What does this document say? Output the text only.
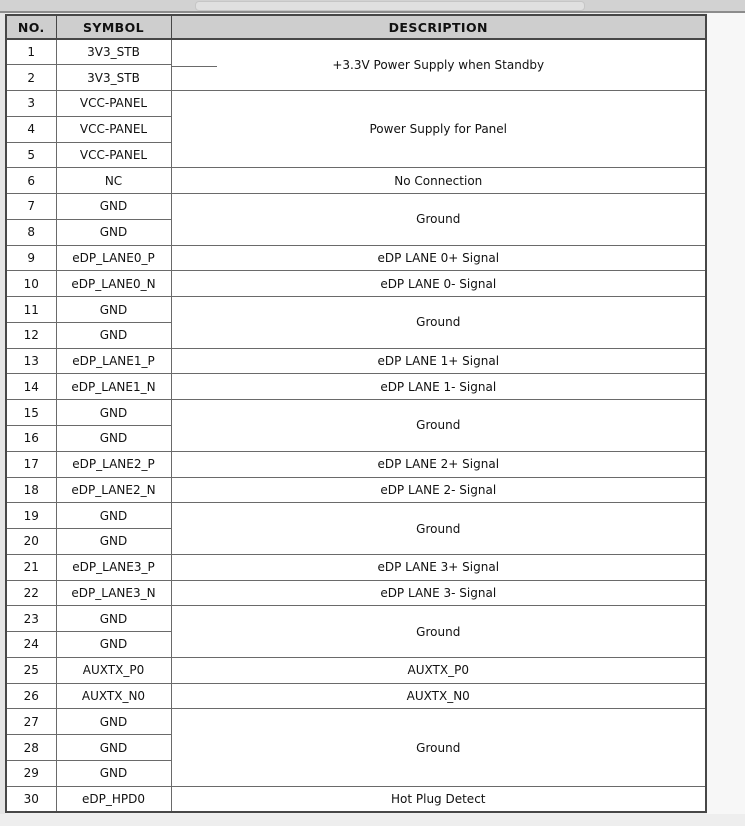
NO.	SYMBOL	DESCRIPTION
1	3V3_STB	+3.3V Power Supply when Standby
2	3V3_STB	
3	VCC-PANEL	Power Supply for Panel
4	VCC-PANEL	
5	VCC-PANEL	
6	NC	No Connection
7	GND	Ground
8	GND	
9	eDP_LANE0_P	eDP LANE 0+ Signal
10	eDP_LANE0_N	eDP LANE 0- Signal
11	GND	Ground
12	GND	
13	eDP_LANE1_P	eDP LANE 1+ Signal
14	eDP_LANE1_N	eDP LANE 1- Signal
15	GND	Ground
16	GND	
17	eDP_LANE2_P	eDP LANE 2+ Signal
18	eDP_LANE2_N	eDP LANE 2- Signal
19	GND	Ground
20	GND	
21	eDP_LANE3_P	eDP LANE 3+ Signal
22	eDP_LANE3_N	eDP LANE 3- Signal
23	GND	Ground
24	GND	
25	AUXTX_P0	AUXTX_P0
26	AUXTX_N0	AUXTX_N0
27	GND	Ground
28	GND	
29	GND	
30	eDP_HPD0	Hot Plug Detect
